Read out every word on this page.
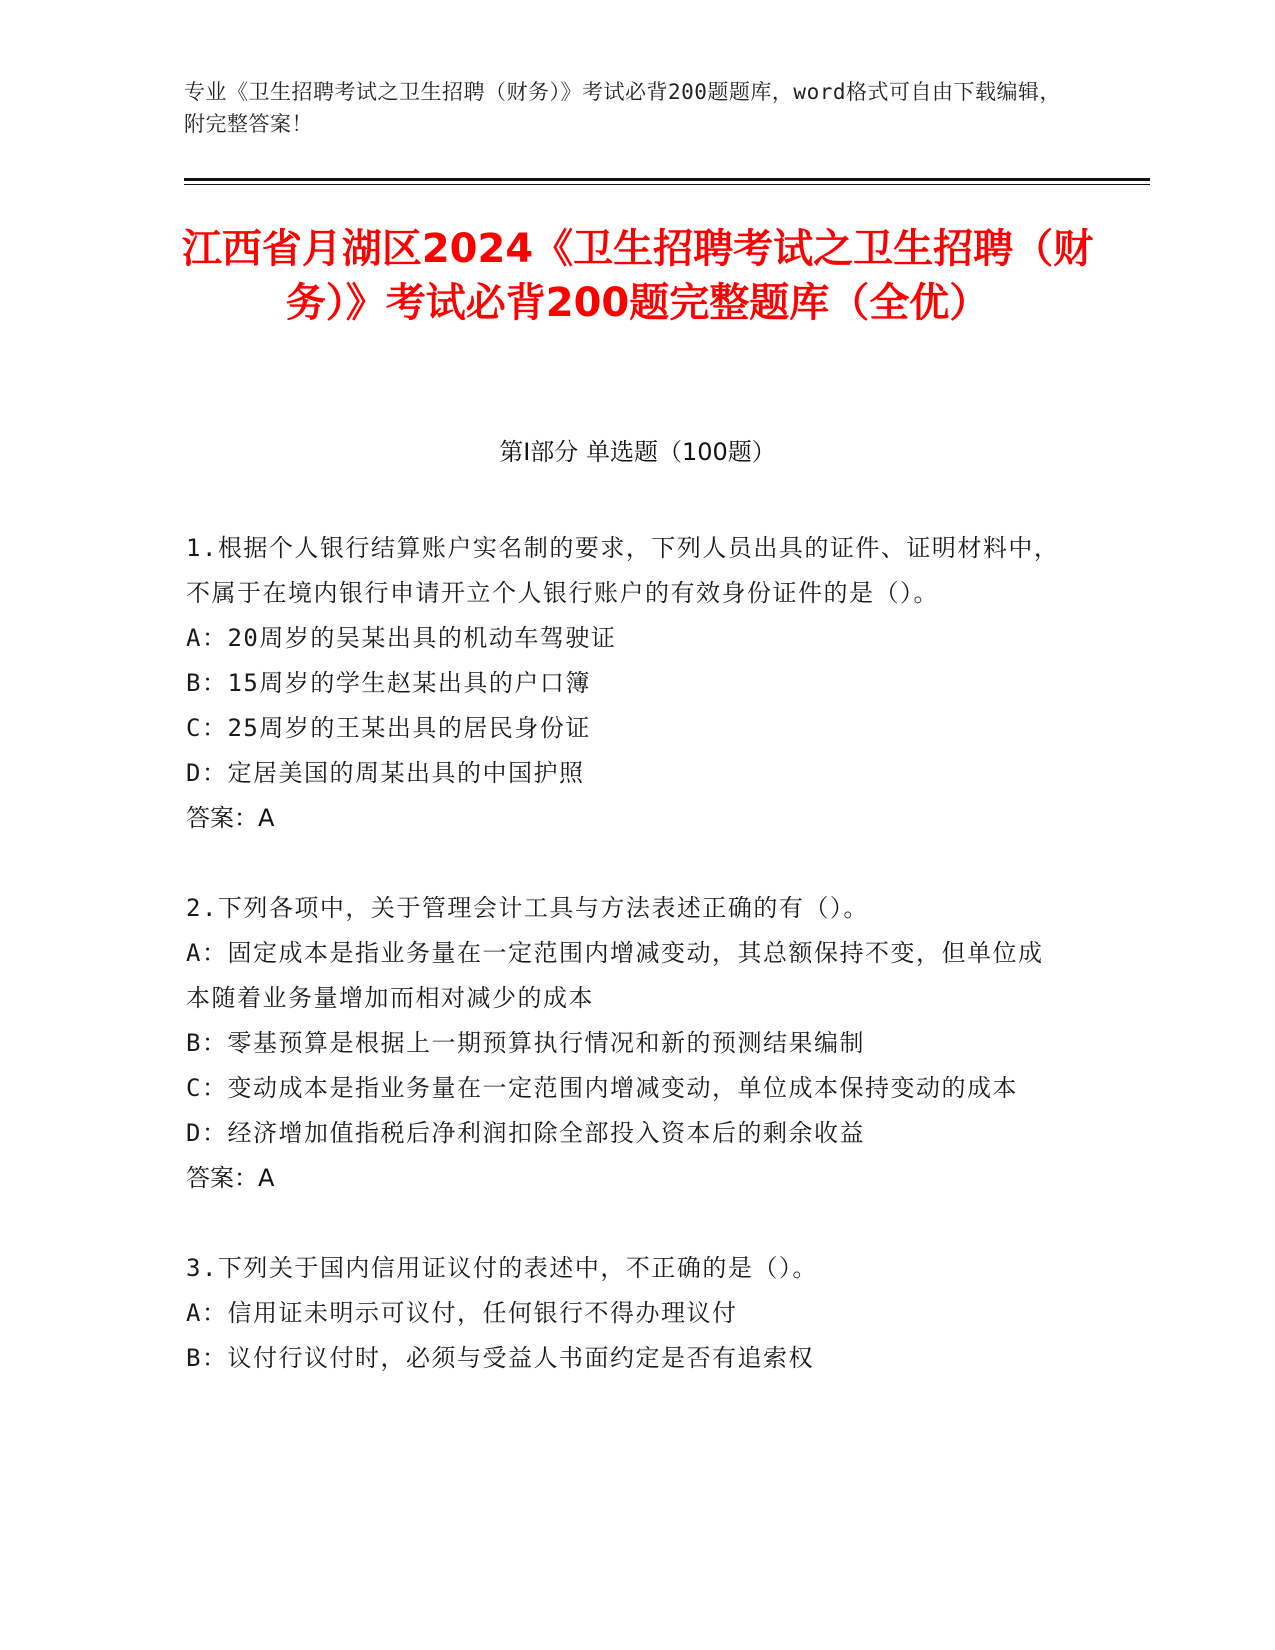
专业《卫生招聘考试之卫生招聘（财务）》考试必背200题题库，word格式可自由下载编辑，附完整答案！
江西省月湖区2024《卫生招聘考试之卫生招聘（财务）》考试必背200题完整题库（全优）
第Ⅰ部分 单选题（100题）
1.根据个人银行结算账户实名制的要求，下列人员出具的证件、证明材料中，不属于在境内银行申请开立个人银行账户的有效身份证件的是（）。
A：20周岁的吴某出具的机动车驾驶证
B：15周岁的学生赵某出具的户口簿
C：25周岁的王某出具的居民身份证
D：定居美国的周某出具的中国护照
答案：A
2.下列各项中，关于管理会计工具与方法表述正确的有（）。
A：固定成本是指业务量在一定范围内增减变动，其总额保持不变，但单位成本随着业务量增加而相对减少的成本
B：零基预算是根据上一期预算执行情况和新的预测结果编制
C：变动成本是指业务量在一定范围内增减变动，单位成本保持变动的成本
D：经济增加值指税后净利润扣除全部投入资本后的剩余收益
答案：A
3.下列关于国内信用证议付的表述中，不正确的是（）。
A：信用证未明示可议付，任何银行不得办理议付
B：议付行议付时，必须与受益人书面约定是否有追索权
